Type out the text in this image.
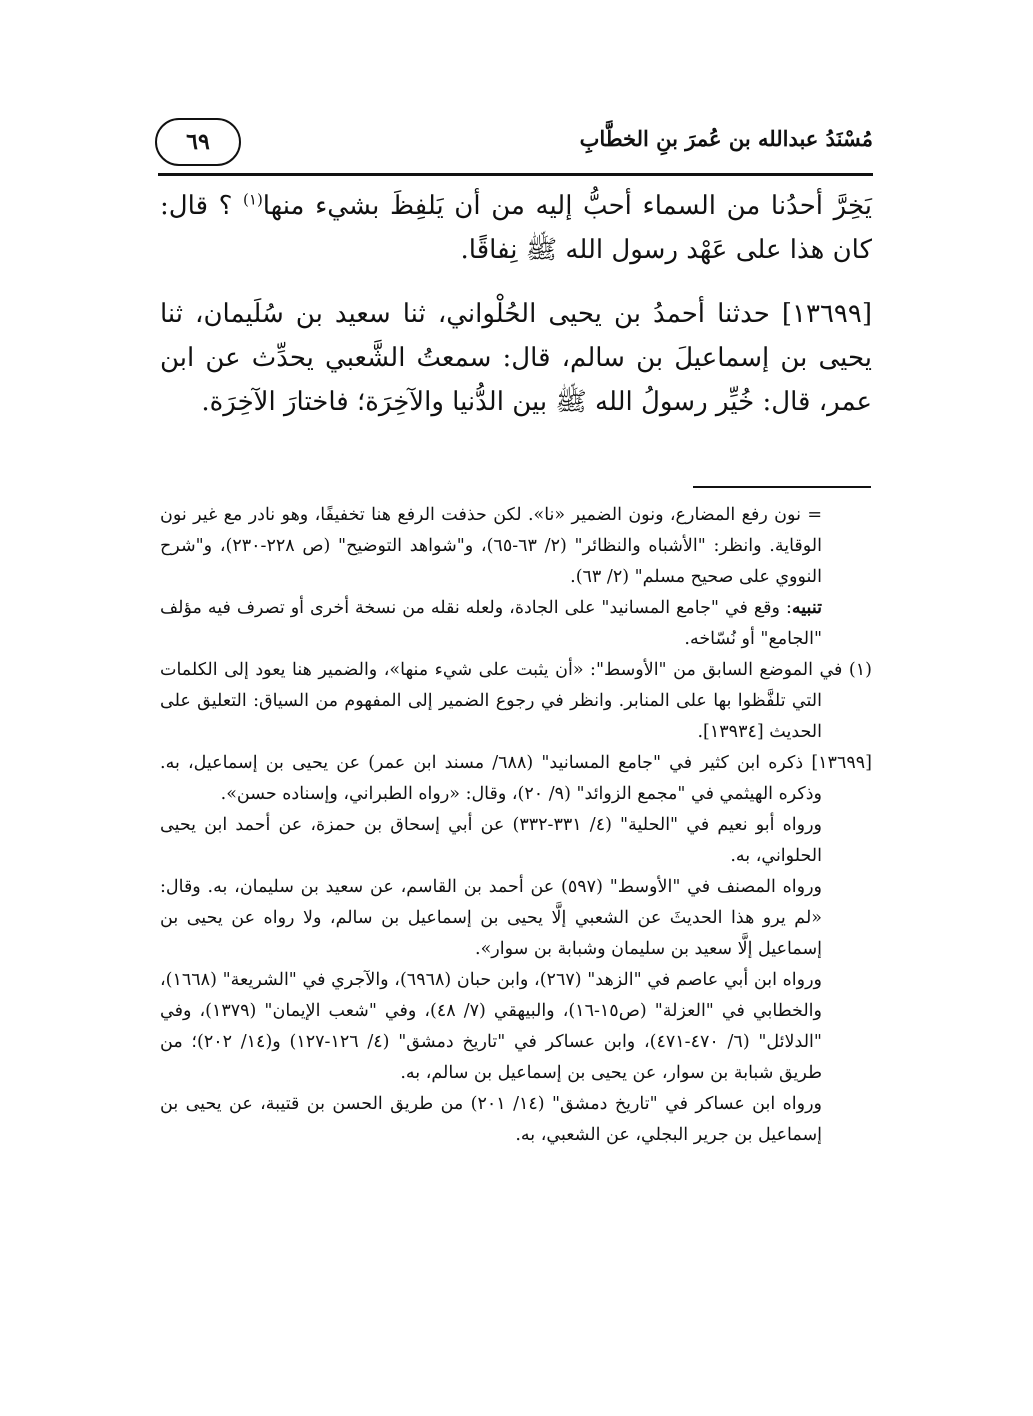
٦٩	مُسْنَدُ عبدالله بن عُمرَ بنِ الخطَّابِ

يَخِرَّ أحدُنا من السماء أحبُّ إليه من أن يَلفِظَ بشيء منها$^{(١)}$ ؟ قال: كان هذا على عَهْد رسول الله ﷺ نِفاقًا.

[١٣٦٩٩] حدثنا أحمدُ بن يحيى الحُلْواني، ثنا سعيد بن سُلَيمان، ثنا يحيى بن إسماعيلَ بن سالم، قال: سمعتُ الشَّعبي يحدِّث عن ابن عمر، قال: خُيِّر رسولُ الله ﷺ بين الدُّنيا والآخِرَة؛ فاختارَ الآخِرَة.

= نون رفع المضارع، ونون الضمير «نا». لكن حذفت الرفع هنا تخفيفًا، وهو نادر مع غير نون الوقاية. وانظر: "الأشباه والنظائر" (٢/ ٦٣-٦٥)، و"شواهد التوضيح" (ص ٢٢٨-٢٣٠)، و"شرح النووي على صحيح مسلم" (٢/ ٦٣).

تنبيه: وقع في "جامع المسانيد" على الجادة، ولعله نقله من نسخة أخرى أو تصرف فيه مؤلف "الجامع" أو نُسّاخه.

(١) في الموضع السابق من "الأوسط": «أن يثبت على شيء منها»، والضمير هنا يعود إلى الكلمات التي تلفَّظوا بها على المنابر. وانظر في رجوع الضمير إلى المفهوم من السياق: التعليق على الحديث [١٣٩٣٤].

[١٣٦٩٩] ذكره ابن كثير في "جامع المسانيد" (٦٨٨/ مسند ابن عمر) عن يحيى بن إسماعيل، به. وذكره الهيثمي في "مجمع الزوائد" (٩/ ٢٠)، وقال: «رواه الطبراني، وإسناده حسن».

ورواه أبو نعيم في "الحلية" (٤/ ٣٣١-٣٣٢) عن أبي إسحاق بن حمزة، عن أحمد ابن يحيى الحلواني، به.

ورواه المصنف في "الأوسط" (٥٩٧) عن أحمد بن القاسم، عن سعيد بن سليمان، به. وقال: «لم يرو هذا الحديثَ عن الشعبي إلَّا يحيى بن إسماعيل بن سالم، ولا رواه عن يحيى بن إسماعيل إلَّا سعيد بن سليمان وشبابة بن سوار».

ورواه ابن أبي عاصم في "الزهد" (٢٦٧)، وابن حبان (٦٩٦٨)، والآجري في "الشريعة" (١٦٦٨)، والخطابي في "العزلة" (ص١٥-١٦)، والبيهقي (٧/ ٤٨)، وفي "شعب الإيمان" (١٣٧٩)، وفي "الدلائل" (٦/ ٤٧٠-٤٧١)، وابن عساكر في "تاريخ دمشق" (٤/ ١٢٦-١٢٧) و(١٤/ ٢٠٢)؛ من طريق شبابة بن سوار، عن يحيى بن إسماعيل بن سالم، به.

ورواه ابن عساكر في "تاريخ دمشق" (١٤/ ٢٠١) من طريق الحسن بن قتيبة، عن يحيى بن إسماعيل بن جرير البجلي، عن الشعبي، به.
